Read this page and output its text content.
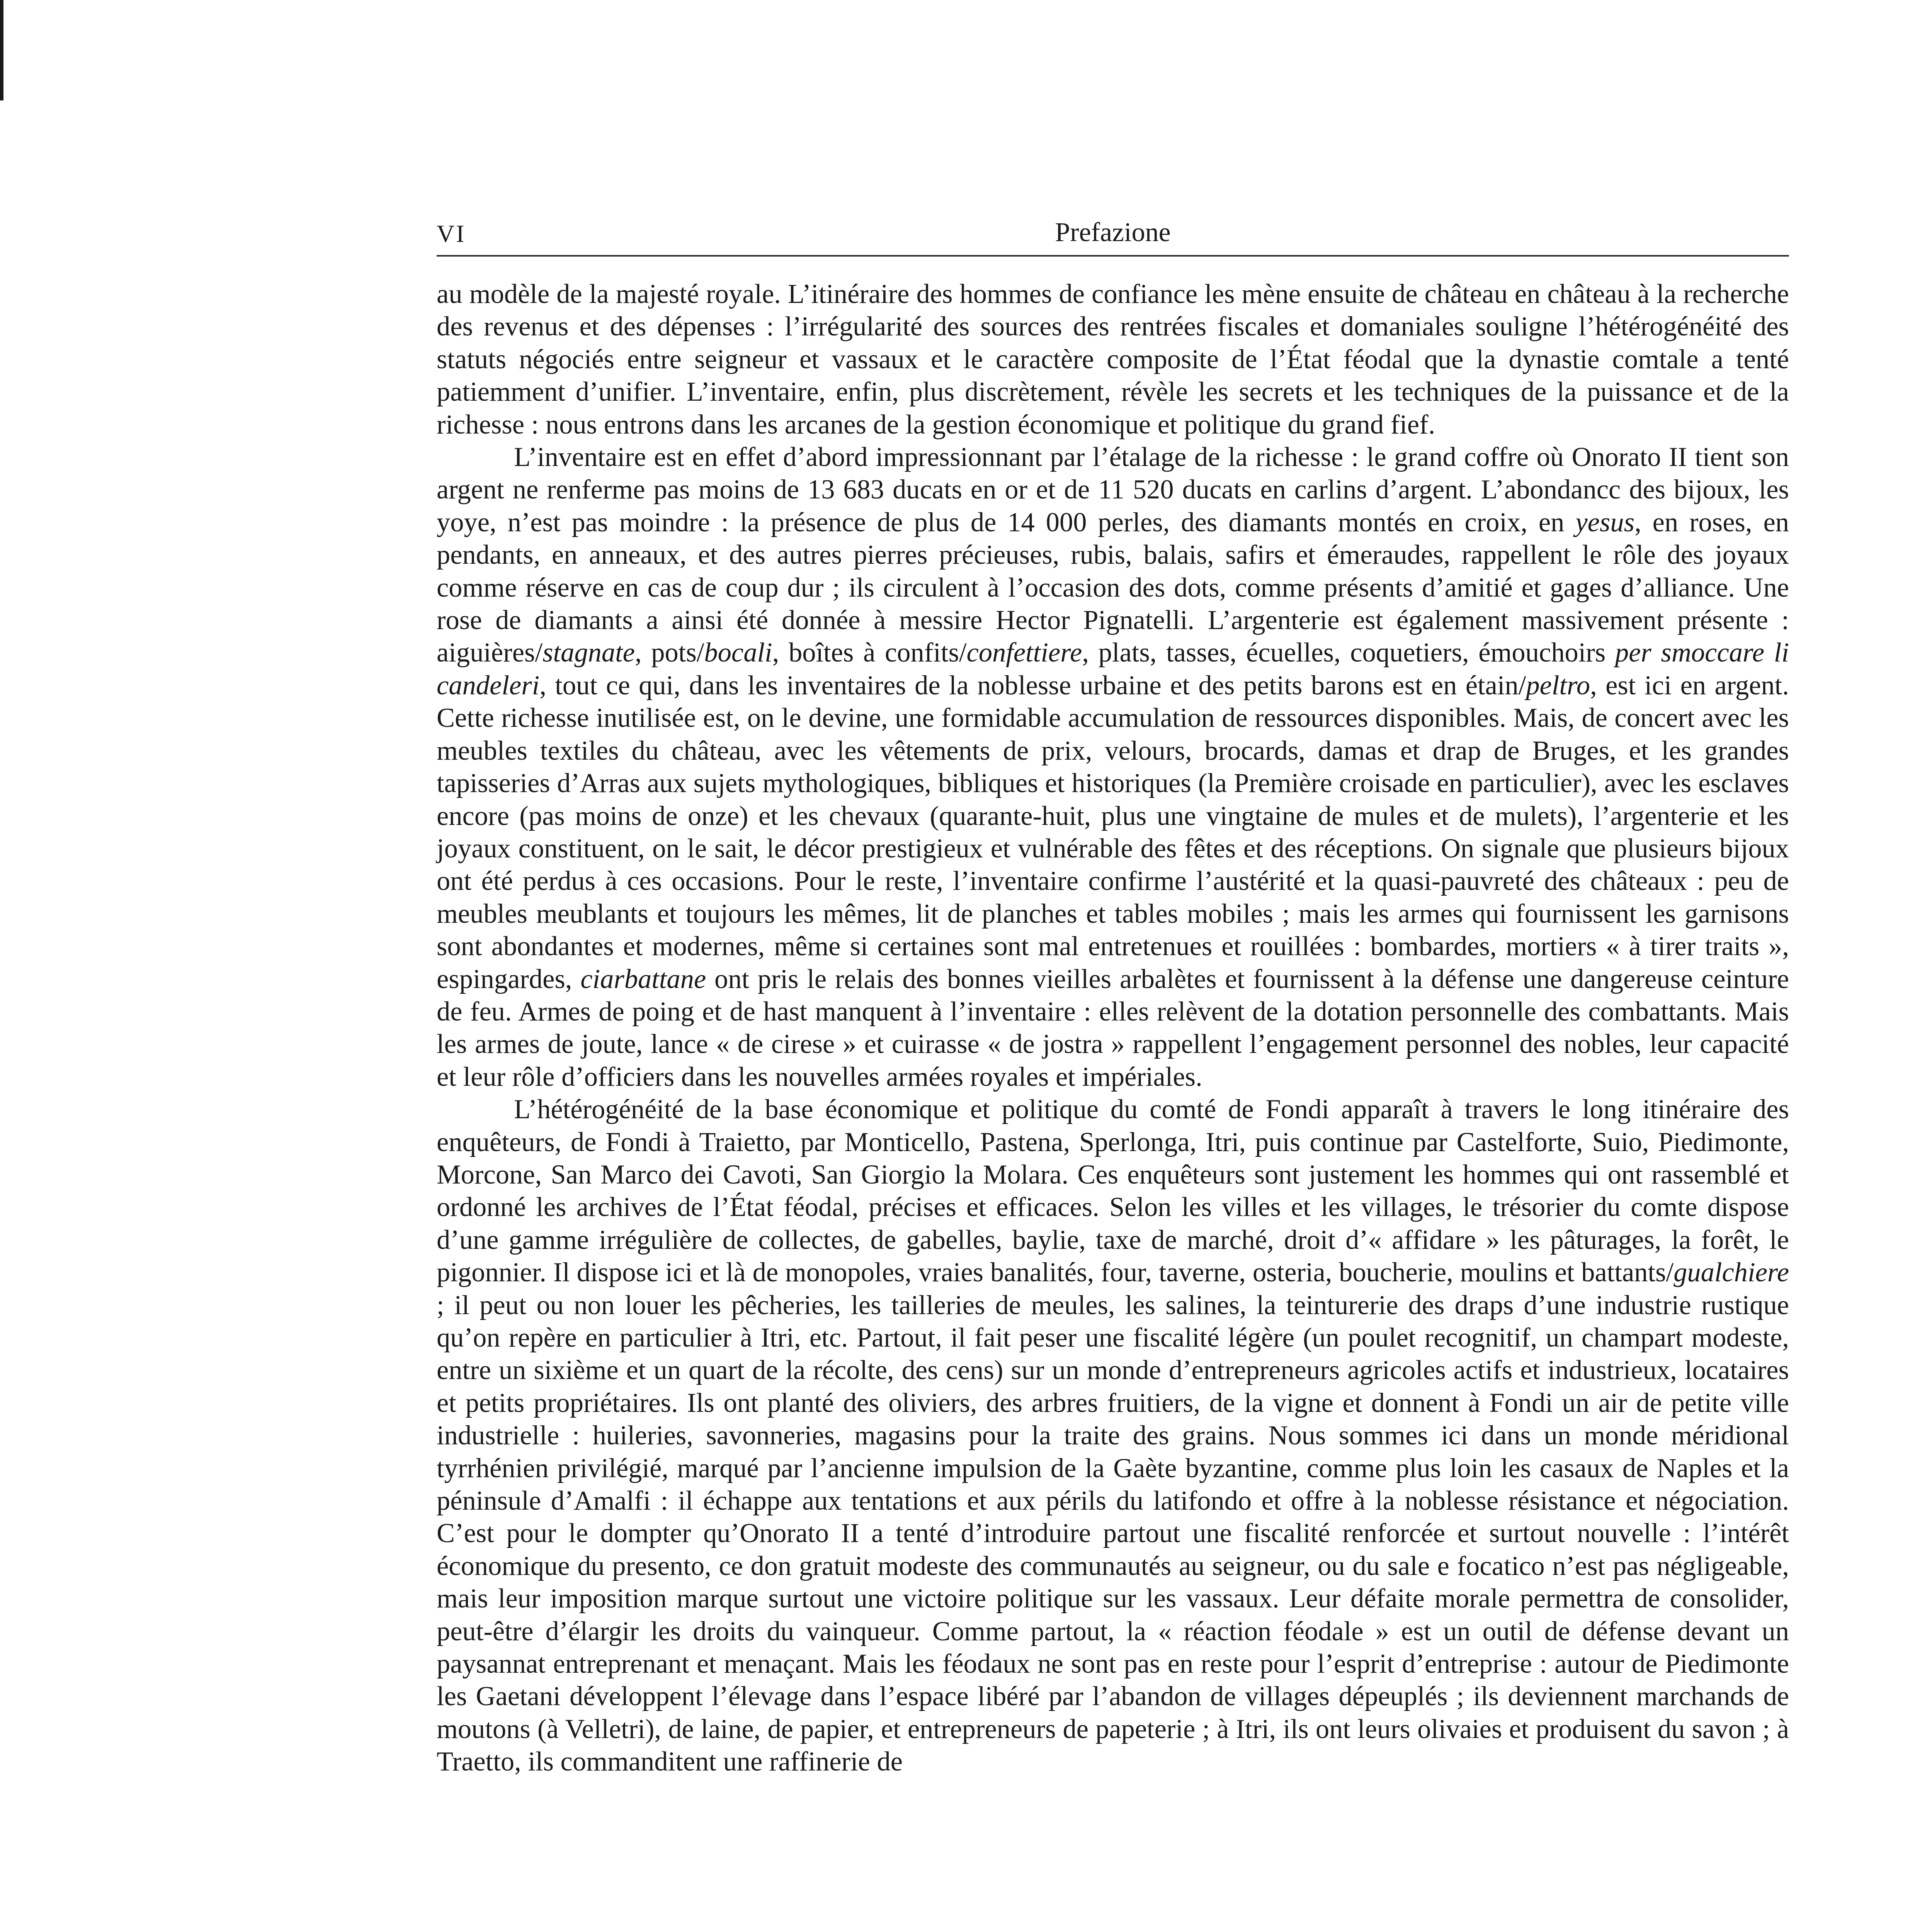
VI	Prefazione

au modèle de la majesté royale. L’itinéraire des hommes de confiance les mène ensuite de château en château à la recherche des revenus et des dépenses : l’irrégularité des sources des rentrées fiscales et domaniales souligne l’hétérogénéité des statuts négociés entre seigneur et vassaux et le caractère composite de l’État féodal que la dynastie comtale a tenté patiemment d’unifier. L’inventaire, enfin, plus discrètement, révèle les secrets et les techniques de la puissance et de la richesse : nous entrons dans les arcanes de la gestion économique et politique du grand fief.

L’inventaire est en effet d’abord impressionnant par l’étalage de la richesse : le grand coffre où Onorato II tient son argent ne renferme pas moins de 13 683 ducats en or et de 11 520 ducats en carlins d’argent. L’abondancc des bijoux, les yoye, n’est pas moindre : la présence de plus de 14 000 perles, des diamants montés en croix, en yesus, en roses, en pendants, en anneaux, et des autres pierres précieuses, rubis, balais, safirs et émeraudes, rappellent le rôle des joyaux comme réserve en cas de coup dur ; ils circulent à l’occasion des dots, comme présents d’amitié et gages d’alliance. Une rose de diamants a ainsi été donnée à messire Hector Pignatelli. L’argenterie est également massivement présente : aiguières/stagnate, pots/bocali, boîtes à confits/confettiere, plats, tasses, écuelles, coquetiers, émouchoirs per smoccare li candeleri, tout ce qui, dans les inventaires de la noblesse urbaine et des petits barons est en étain/peltro, est ici en argent. Cette richesse inutilisée est, on le devine, une formidable accumulation de ressources disponibles. Mais, de concert avec les meubles textiles du château, avec les vêtements de prix, velours, brocards, damas et drap de Bruges, et les grandes tapisseries d’Arras aux sujets mythologiques, bibliques et historiques (la Première croisade en particulier), avec les esclaves encore (pas moins de onze) et les chevaux (quarante-huit, plus une vingtaine de mules et de mulets), l’argenterie et les joyaux constituent, on le sait, le décor prestigieux et vulnérable des fêtes et des réceptions. On signale que plusieurs bijoux ont été perdus à ces occasions. Pour le reste, l’inventaire confirme l’austérité et la quasi-pauvreté des châteaux : peu de meubles meublants et toujours les mêmes, lit de planches et tables mobiles ; mais les armes qui fournissent les garnisons sont abondantes et modernes, même si certaines sont mal entretenues et rouillées : bombardes, mortiers « à tirer traits », espingardes, ciarbattane ont pris le relais des bonnes vieilles arbalètes et fournissent à la défense une dangereuse ceinture de feu. Armes de poing et de hast manquent à l’inventaire : elles relèvent de la dotation personnelle des combattants. Mais les armes de joute, lance « de cirese » et cuirasse « de jostra » rappellent l’engagement personnel des nobles, leur capacité et leur rôle d’officiers dans les nouvelles armées royales et impériales.

L’hétérogénéité de la base économique et politique du comté de Fondi apparaît à travers le long itinéraire des enquêteurs, de Fondi à Traietto, par Monticello, Pastena, Sperlonga, Itri, puis continue par Castelforte, Suio, Piedimonte, Morcone, San Marco dei Cavoti, San Giorgio la Molara. Ces enquêteurs sont justement les hommes qui ont rassemblé et ordonné les archives de l’État féodal, précises et efficaces. Selon les villes et les villages, le trésorier du comte dispose d’une gamme irrégulière de collectes, de gabelles, baylie, taxe de marché, droit d’« affidare » les pâturages, la forêt, le pigonnier. Il dispose ici et là de monopoles, vraies banalités, four, taverne, osteria, boucherie, moulins et battants/gualchiere ; il peut ou non louer les pêcheries, les tailleries de meules, les salines, la teinturerie des draps d’une industrie rustique qu’on repère en particulier à Itri, etc. Partout, il fait peser une fiscalité légère (un poulet recognitif, un champart modeste, entre un sixième et un quart de la récolte, des cens) sur un monde d’entrepreneurs agricoles actifs et industrieux, locataires et petits propriétaires. Ils ont planté des oliviers, des arbres fruitiers, de la vigne et donnent à Fondi un air de petite ville industrielle : huileries, savonneries, magasins pour la traite des grains. Nous sommes ici dans un monde méridional tyrrhénien privilégié, marqué par l’ancienne impulsion de la Gaète byzantine, comme plus loin les casaux de Naples et la péninsule d’Amalfi : il échappe aux tentations et aux périls du latifondo et offre à la noblesse résistance et négociation. C’est pour le dompter qu’Onorato II a tenté d’introduire partout une fiscalité renforcée et surtout nouvelle : l’intérêt économique du presento, ce don gratuit modeste des communautés au seigneur, ou du sale e focatico n’est pas négligeable, mais leur imposition marque surtout une victoire politique sur les vassaux. Leur défaite morale permettra de consolider, peut-être d’élargir les droits du vainqueur. Comme partout, la « réaction féodale » est un outil de défense devant un paysannat entreprenant et menaçant. Mais les féodaux ne sont pas en reste pour l’esprit d’entreprise : autour de Piedimonte les Gaetani développent l’élevage dans l’espace libéré par l’abandon de villages dépeuplés ; ils deviennent marchands de moutons (à Velletri), de laine, de papier, et entrepreneurs de papeterie ; à Itri, ils ont leurs olivaies et produisent du savon ; à Traetto, ils commanditent une raffinerie de
